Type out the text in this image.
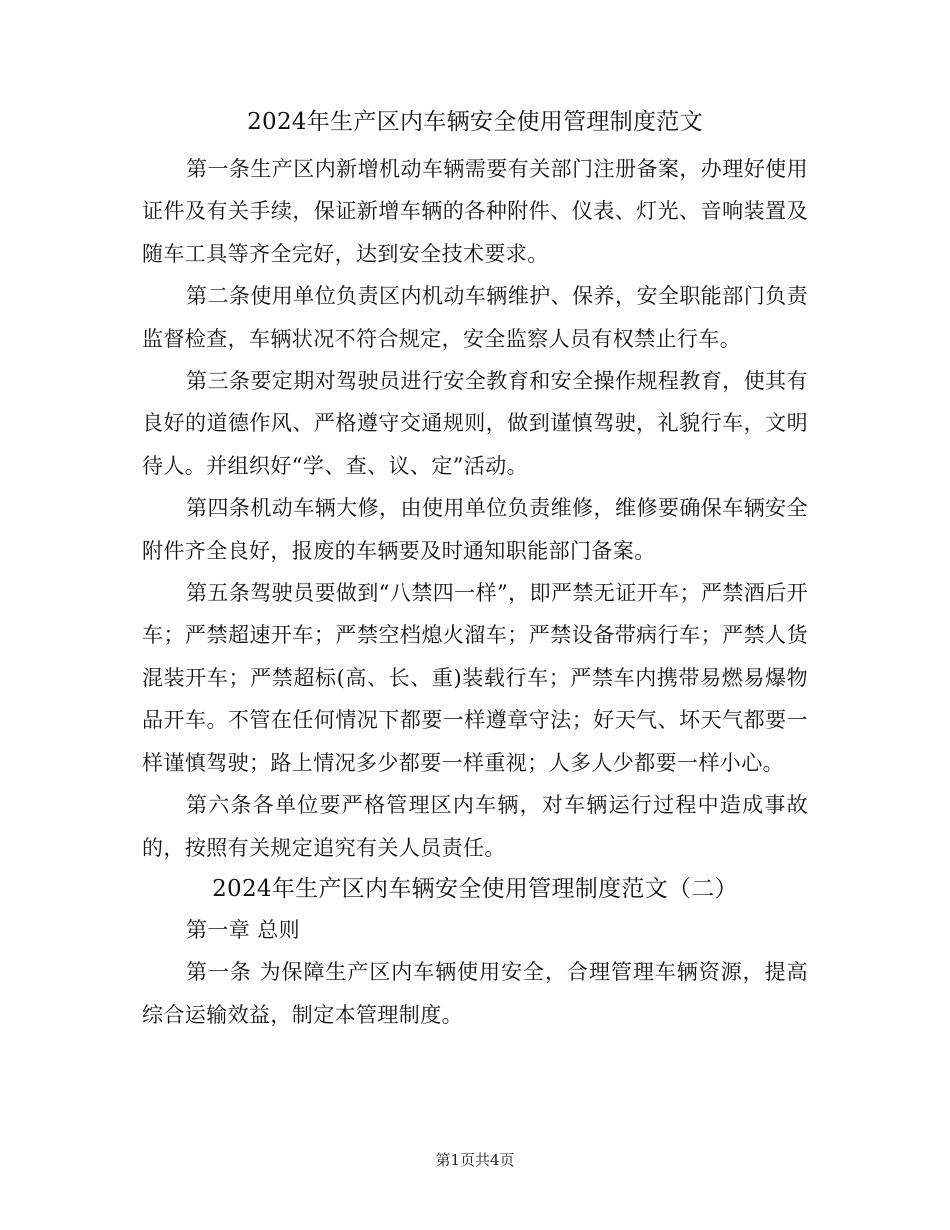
2024年生产区内车辆安全使用管理制度范文

第一条生产区内新增机动车辆需要有关部门注册备案，办理好使用证件及有关手续，保证新增车辆的各种附件、仪表、灯光、音响装置及随车工具等齐全完好，达到安全技术要求。

第二条使用单位负责区内机动车辆维护、保养，安全职能部门负责监督检查，车辆状况不符合规定，安全监察人员有权禁止行车。

第三条要定期对驾驶员进行安全教育和安全操作规程教育，使其有良好的道德作风、严格遵守交通规则，做到谨慎驾驶，礼貌行车，文明待人。并组织好“学、查、议、定”活动。

第四条机动车辆大修，由使用单位负责维修，维修要确保车辆安全附件齐全良好，报废的车辆要及时通知职能部门备案。

第五条驾驶员要做到“八禁四一样”，即严禁无证开车；严禁酒后开车；严禁超速开车；严禁空档熄火溜车；严禁设备带病行车；严禁人货混装开车；严禁超标(高、长、重)装载行车；严禁车内携带易燃易爆物品开车。不管在任何情况下都要一样遵章守法；好天气、坏天气都要一样谨慎驾驶；路上情况多少都要一样重视；人多人少都要一样小心。

第六条各单位要严格管理区内车辆，对车辆运行过程中造成事故的，按照有关规定追究有关人员责任。

2024年生产区内车辆安全使用管理制度范文（二）

第一章 总则

第一条 为保障生产区内车辆使用安全，合理管理车辆资源，提高综合运输效益，制定本管理制度。

第1页共4页
